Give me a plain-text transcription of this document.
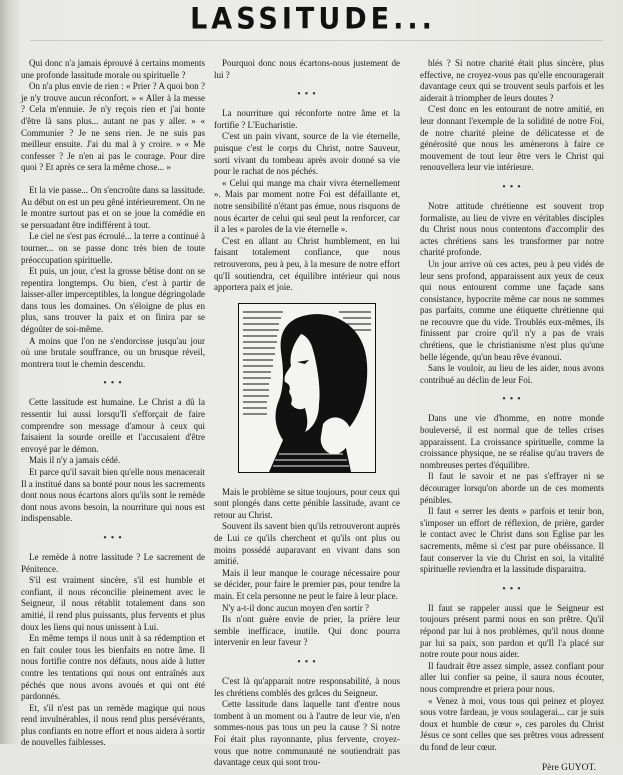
LASSITUDE...

Qui donc n'a jamais éprouvé à certains moments une profonde lassitude morale ou spirituelle ?

On n'a plus envie de rien : « Prier ? A quoi bon ? je n'y trouve aucun réconfort. » « Aller à la messe ? Cela m'ennuie. Je n'y reçois rien et j'ai honte d'être là sans plus... autant ne pas y aller. » « Communier ? Je ne sens rien. Je ne suis pas meilleur ensuite. J'ai du mal à y croire. » « Me confesser ? Je n'en ai pas le courage. Pour dire quoi ? Et après ce sera la même chose... »

Et la vie passe... On s'encroûte dans sa lassitude. Au début on est un peu gêné intérieurement. On ne le montre surtout pas et on se joue la comédie en se persuadant être indifférent à tout.

Le ciel ne s'est pas écroulé... la terre a continué à tourner... on se passe donc très bien de toute préoccupation spirituelle.

Et puis, un jour, c'est la grosse bêtise dont on se repentira longtemps. Ou bien, c'est à partir de laisser-aller imperceptibles, la longue dégringolade dans tous les domaines. On s'éloigne de plus en plus, sans trouver la paix et on finira par se dégoûter de soi-même.

A moins que l'on ne s'endorcisse jusqu'au jour où une brutale souffrance, ou un brusque réveil, montrera tout le chemin descendu.

• • •

Cette lassitude est humaine. Le Christ a dû la ressentir lui aussi lorsqu'Il s'efforçait de faire comprendre son message d'amour à ceux qui faisaient la sourde oreille et l'accusaient d'être envoyé par le démon.

Mais il n'y a jamais cédé.

Et parce qu'il savait bien qu'elle nous menacerait Il a institué dans sa bonté pour nous les sacrements dont nous nous écartons alors qu'ils sont le remède dont nous avons besoin, la nourriture qui nous est indispensable.

• • •

Le remède à notre lassitude ? Le sacrement de Pénitence.

S'il est vraiment sincère, s'il est humble et confiant, il nous réconcilie pleinement avec le Seigneur, il nous rétablit totalement dans son amitié, il rend plus puissants, plus fervents et plus doux les liens qui nous unissent à Lui.

En même temps il nous unit à sa rédemption et en fait couler tous les bienfaits en notre âme. Il nous fortifie contre nos défauts, nous aide à lutter contre les tentations qui nous ont entraînés aux péchés que nous avons avoués et qui ont été pardonnés.

Et, s'il n'est pas un remède magique qui nous rend invulnérables, il nous rend plus persévérants, plus confiants en notre effort et nous aidera à sortir de nouvelles faiblesses.

Pourquoi donc nous écartons-nous justement de lui ?

• • •

La nourriture qui réconforte notre âme et la fortifie ? L'Eucharistie.

C'est un pain vivant, source de la vie éternelle, puisque c'est le corps du Christ, notre Sauveur, sorti vivant du tombeau après avoir donné sa vie pour le rachat de nos péchés.

« Celui qui mange ma chair vivra éternellement ». Mais par moment notre Foi est défaillante et, notre sensibilité n'étant pas émue, nous risquons de nous écarter de celui qui seul peut la renforcer, car il a les « paroles de la vie éternelle ».

C'est en allant au Christ humblement, en lui faisant totalement confiance, que nous retrouverons, peu à peu, à la mesure de notre effort qu'Il soutiendra, cet équilibre intérieur qui nous apportera paix et joie.

Mais le problème se situe toujours, pour ceux qui sont plongés dans cette pénible lassitude, avant ce retour au Christ.

Souvent ils savent bien qu'ils retrouveront auprès de Lui ce qu'ils cherchent et qu'ils ont plus ou moins possédé auparavant en vivant dans son amitié.

Mais il leur manque le courage nécessaire pour se décider, pour faire le premier pas, pour tendre la main. Et cela personne ne peut le faire à leur place.

N'y a-t-il donc aucun moyen d'en sortir ?

Ils n'ont guère envie de prier, la prière leur semble inefficace, inutile. Qui donc pourra intervenir en leur faveur ?

• • •

C'est là qu'apparait notre responsabilité, à nous les chrétiens comblés des grâces du Seigneur.

Cette lassitude dans laquelle tant d'entre nous tombent à un moment ou à l'autre de leur vie, n'en sommes-nous pas tous un peu la cause ? Si notre Foi était plus rayonnante, plus fervente, croyez-vous que notre communauté ne soutiendrait pas davantage ceux qui sont trou-

blés ? Si notre charité était plus sincère, plus effective, ne croyez-vous pas qu'elle encouragerait davantage ceux qui se trouvent seuls parfois et les aiderait à triompher de leurs doutes ?

C'est donc en les entourant de notre amitié, en leur donnant l'exemple de la solidité de notre Foi, de notre charité pleine de délicatesse et de générosité que nous les amènerons à faire ce mouvement de tout leur être vers le Christ qui renouvellera leur vie intérieure.

• • •

Notre attitude chrétienne est souvent trop formaliste, au lieu de vivre en véritables disciples du Christ nous nous contentons d'accomplir des actes chrétiens sans les transformer par notre charité profonde.

Un jour arrive où ces actes, peu à peu vidés de leur sens profond, apparaissent aux yeux de ceux qui nous entourent comme une façade sans consistance, hypocrite même car nous ne sommes pas parfaits, comme une étiquette chrétienne qui ne recouvre que du vide. Troublés eux-mêmes, ils finissent par croire qu'il n'y a pas de vrais chrétiens, que le christianisme n'est plus qu'une belle légende, qu'un beau rêve évanoui.

Sans le vouloir, au lieu de les aider, nous avons contribué au déclin de leur Foi.

• • •

Dans une vie d'homme, en notre monde bouleversé, il est normal que de telles crises apparaissent. La croissance spirituelle, comme la croissance physique, ne se réalise qu'au travers de nombreuses pertes d'équilibre.

Il faut le savoir et ne pas s'effrayer ni se décourager lorsqu'on aborde un de ces moments pénibles.

Il faut « serrer les dents » parfois et tenir bon, s'imposer un effort de réflexion, de prière, garder le contact avec le Christ dans son Eglise par les sacrements, même si c'est par pure obéissance. Il faut conserver la vie du Christ en soi, la vitalité spirituelle reviendra et la lassitude disparaitra.

• • •

Il faut se rappeler aussi que le Seigneur est toujours présent parmi nous en son prêtre. Qu'il répond par lui à nos problèmes, qu'il nous donne par lui sa paix, son pardon et qu'Il l'a placé sur notre route pour nous aider.

Il faudrait être assez simple, assez confiant pour aller lui confier sa peine, il saura nous écouter, nous comprendre et priera pour nous.

« Venez à moi, vous tous qui peinez et ployez sous votre fardeau, je vous soulagerai... car je suis doux et humble de cœur », ces paroles du Christ Jésus ce sont celles que ses prêtres vous adressent du fond de leur cœur.

Père GUYOT.
